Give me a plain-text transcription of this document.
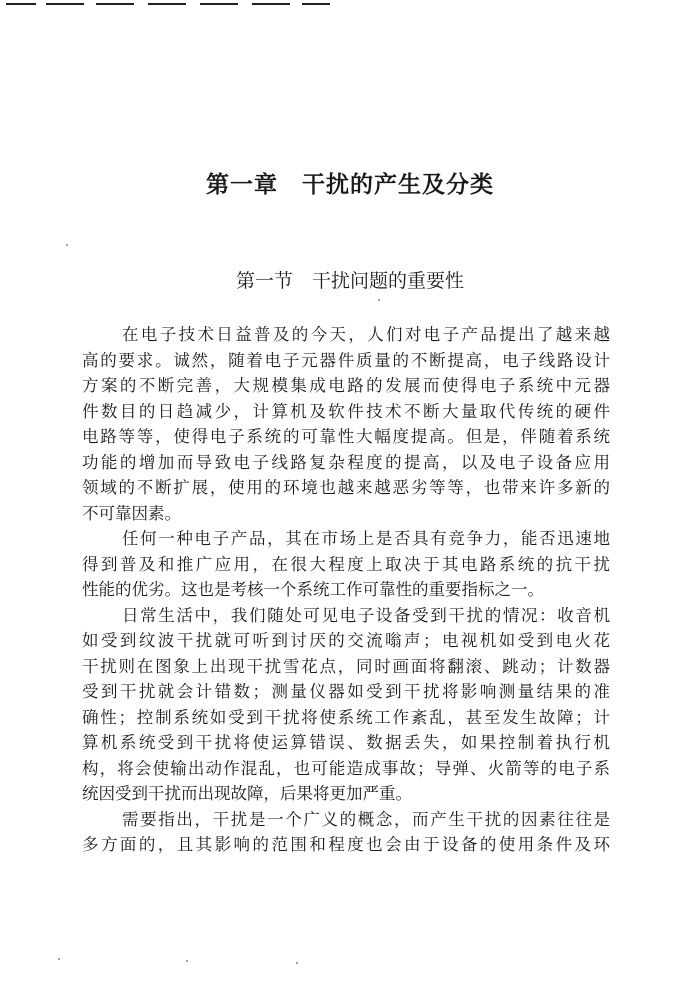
第一章　干扰的产生及分类
第一节　干扰问题的重要性
在电子技术日益普及的今天，人们对电子产品提出了越来越
高的要求。诚然，随着电子元器件质量的不断提高，电子线路设计
方案的不断完善，大规模集成电路的发展而使得电子系统中元器
件数目的日趋减少，计算机及软件技术不断大量取代传统的硬件
电路等等，使得电子系统的可靠性大幅度提高。但是，伴随着系统
功能的增加而导致电子线路复杂程度的提高，以及电子设备应用
领域的不断扩展，使用的环境也越来越恶劣等等，也带来许多新的
不可靠因素。
任何一种电子产品，其在市场上是否具有竞争力，能否迅速地
得到普及和推广应用，在很大程度上取决于其电路系统的抗干扰
性能的优劣。这也是考核一个系统工作可靠性的重要指标之一。
日常生活中，我们随处可见电子设备受到干扰的情况：收音机
如受到纹波干扰就可听到讨厌的交流嗡声；电视机如受到电火花
干扰则在图象上出现干扰雪花点，同时画面将翻滚、跳动；计数器
受到干扰就会计错数；测量仪器如受到干扰将影响测量结果的准
确性；控制系统如受到干扰将使系统工作紊乱，甚至发生故障；计
算机系统受到干扰将使运算错误、数据丢失，如果控制着执行机
构，将会使输出动作混乱，也可能造成事故；导弹、火箭等的电子系
统因受到干扰而出现故障，后果将更加严重。
需要指出，干扰是一个广义的概念，而产生干扰的因素往往是
多方面的，且其影响的范围和程度也会由于设备的使用条件及环
